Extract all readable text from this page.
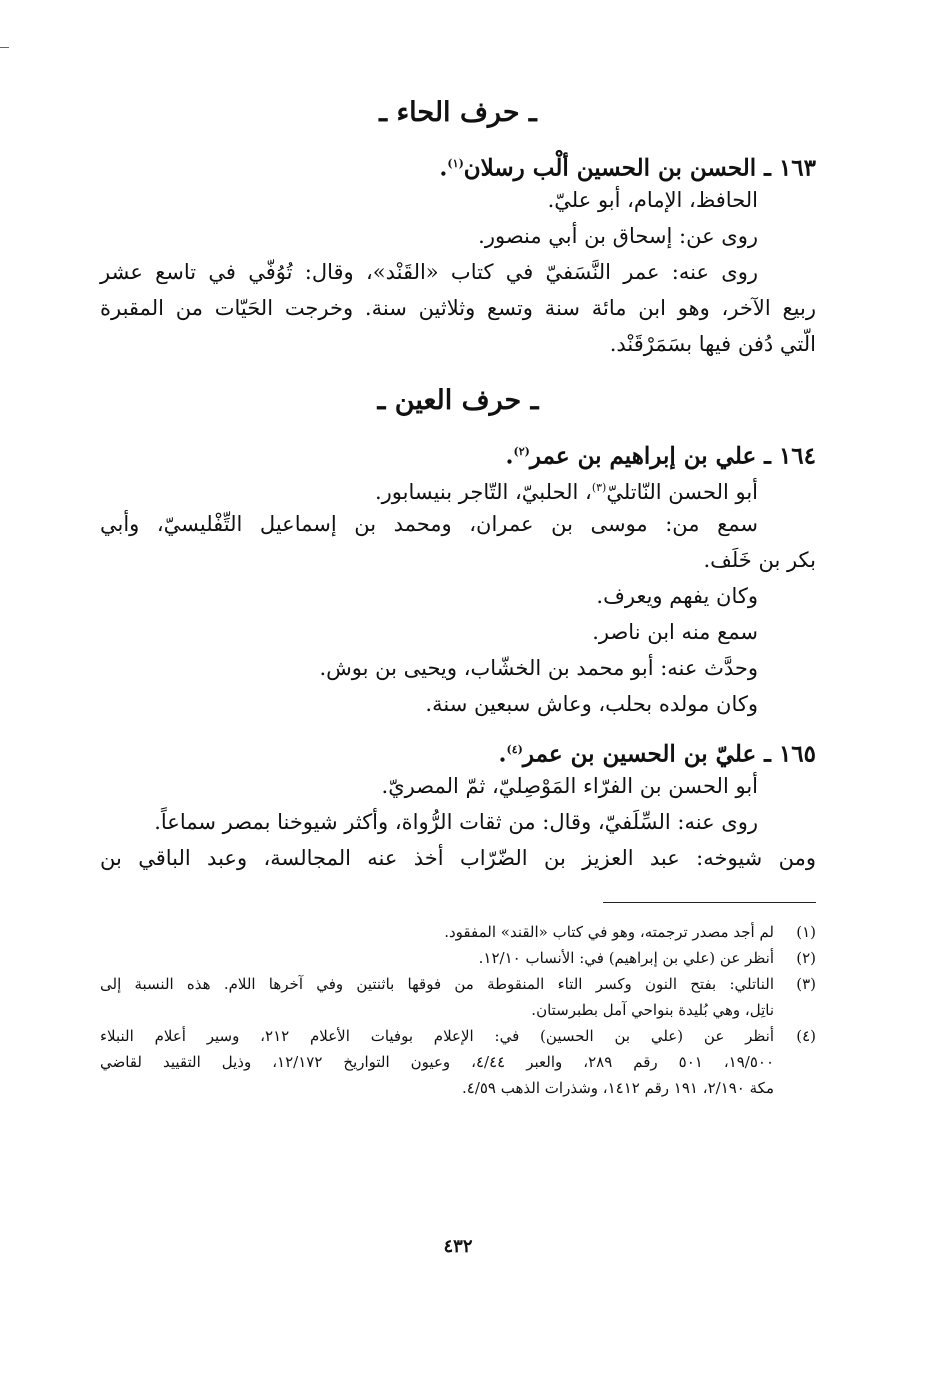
ـ حرف الحاء ـ
١٦٣ ـ الحسن بن الحسين ألْب رسلان$^{(١)}$.
الحافظ، الإمام، أبو عليّ.
روى عن: إسحاق بن أبي منصور.
روى عنه: عمر النَّسَفيّ في كتاب «القَنْد»، وقال: تُوُفّي في تاسع عشر
ربيع الآخر، وهو ابن مائة سنة وتسع وثلاثين سنة. وخرجت الحَيّات من المقبرة
الّتي دُفن فيها بسَمَرْقَنْد.
ـ حرف العين ـ
١٦٤ ـ علي بن إبراهيم بن عمر$^{(٢)}$.
أبو الحسن النّاتليّ$^{(٣)}$، الحلبيّ، التّاجر بنيسابور.
سمع من: موسى بن عمران، ومحمد بن إسماعيل التِّفْليسيّ، وأبي
بكر بن خَلَف.
وكان يفهم ويعرف.
سمع منه ابن ناصر.
وحدَّث عنه: أبو محمد بن الخشّاب، ويحيى بن بوش.
وكان مولده بحلب، وعاش سبعين سنة.
١٦٥ ـ عليّ بن الحسين بن عمر$^{(٤)}$.
أبو الحسن بن الفرّاء المَوْصِليّ، ثمّ المصريّ.
روى عنه: السِّلَفيّ، وقال: من ثقات الرُّواة، وأكثر شيوخنا بمصر سماعاً.
ومن شيوخه: عبد العزيز بن الضّرّاب أخذ عنه المجالسة، وعبد الباقي بن
(١)
لم أجد مصدر ترجمته، وهو في كتاب «القند» المفقود.
(٢)
أنظر عن (علي بن إبراهيم) في: الأنساب ١٢/١٠.
(٣)
الناتلي: بفتح النون وكسر التاء المنقوطة من فوقها باثنتين وفي آخرها اللام. هذه النسبة إلى
ناتِل، وهي بُليدة بنواحي آمل بطبرستان.
(٤)
أنظر عن (علي بن الحسين) في: الإعلام بوفيات الأعلام ٢١٢، وسير أعلام النبلاء
١٩/٥٠٠، ٥٠١ رقم ٢٨٩، والعبر ٤/٤٤، وعيون التواريخ ١٢/١٧٢، وذيل التقييد لقاضي
مكة ٢/١٩٠، ١٩١ رقم ١٤١٢، وشذرات الذهب ٤/٥٩.
٤٣٢
